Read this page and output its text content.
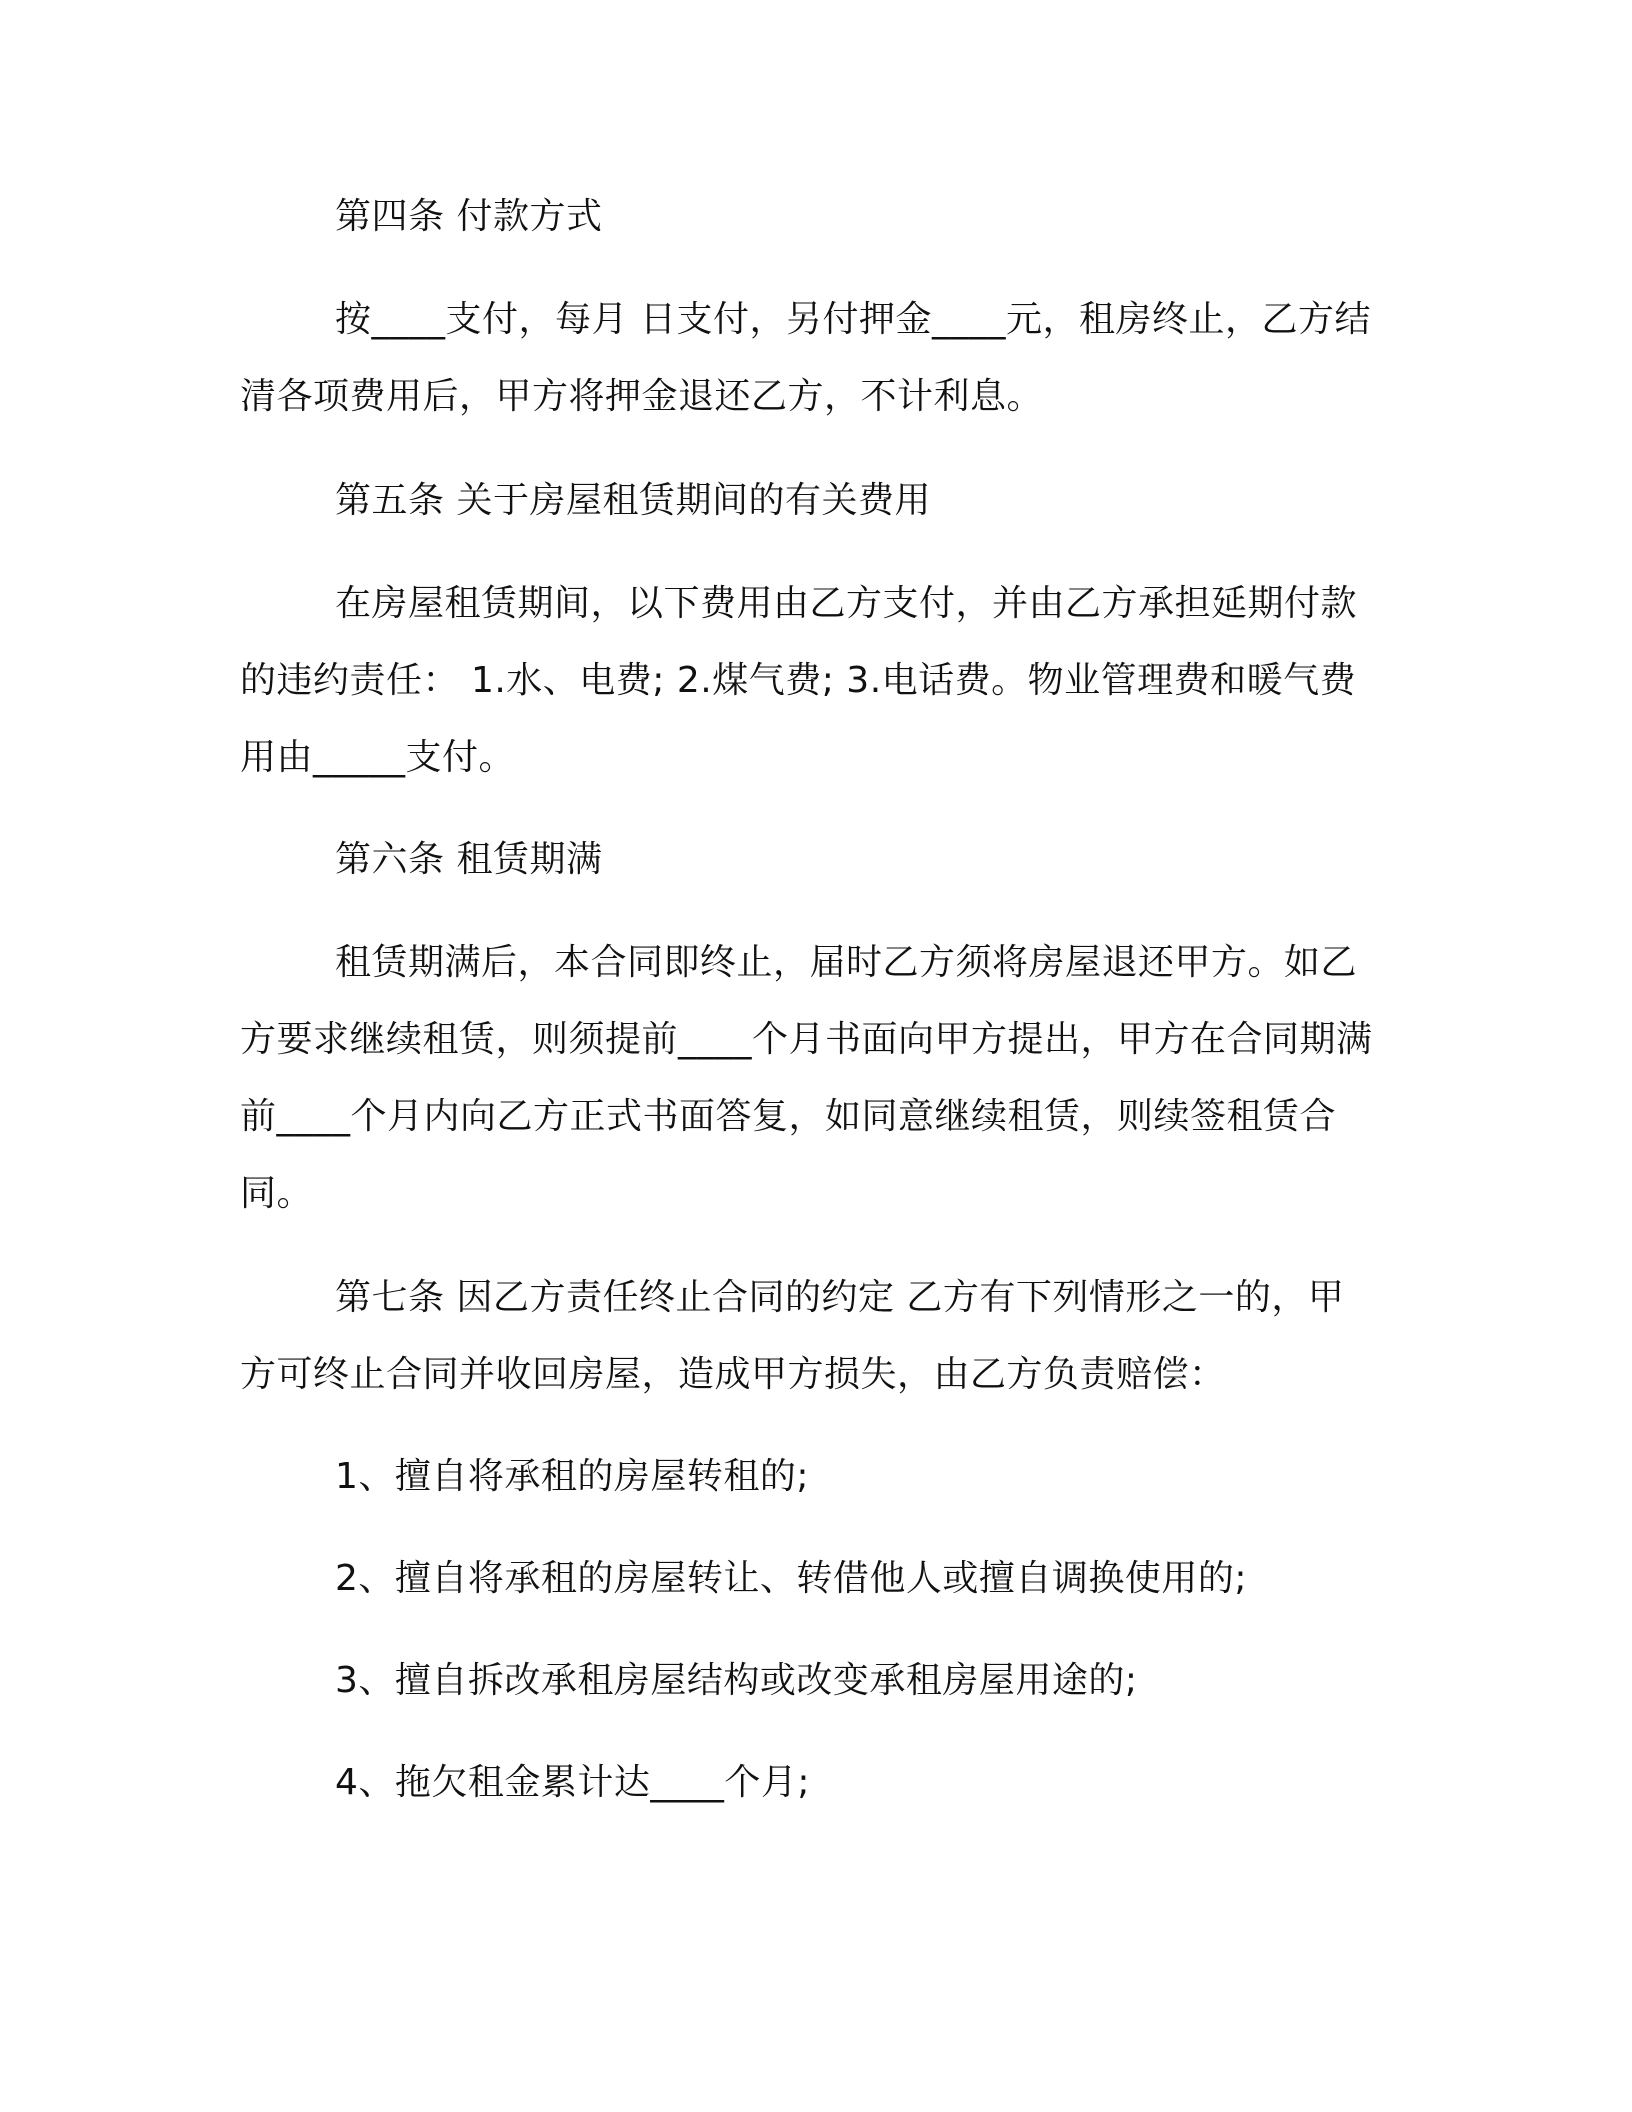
第四条 付款方式

按____支付，每月 日支付，另付押金____元，租房终止，乙方结清各项费用后，甲方将押金退还乙方，不计利息。

第五条 关于房屋租赁期间的有关费用

在房屋租赁期间，以下费用由乙方支付，并由乙方承担延期付款的违约责任： 1.水、电费; 2.煤气费; 3.电话费。物业管理费和暖气费用由_____支付。

第六条 租赁期满

租赁期满后，本合同即终止，届时乙方须将房屋退还甲方。如乙方要求继续租赁，则须提前____个月书面向甲方提出，甲方在合同期满前____个月内向乙方正式书面答复，如同意继续租赁，则续签租赁合同。

第七条 因乙方责任终止合同的约定 乙方有下列情形之一的，甲方可终止合同并收回房屋，造成甲方损失，由乙方负责赔偿：

1、擅自将承租的房屋转租的;

2、擅自将承租的房屋转让、转借他人或擅自调换使用的;

3、擅自拆改承租房屋结构或改变承租房屋用途的;

4、拖欠租金累计达____个月;
